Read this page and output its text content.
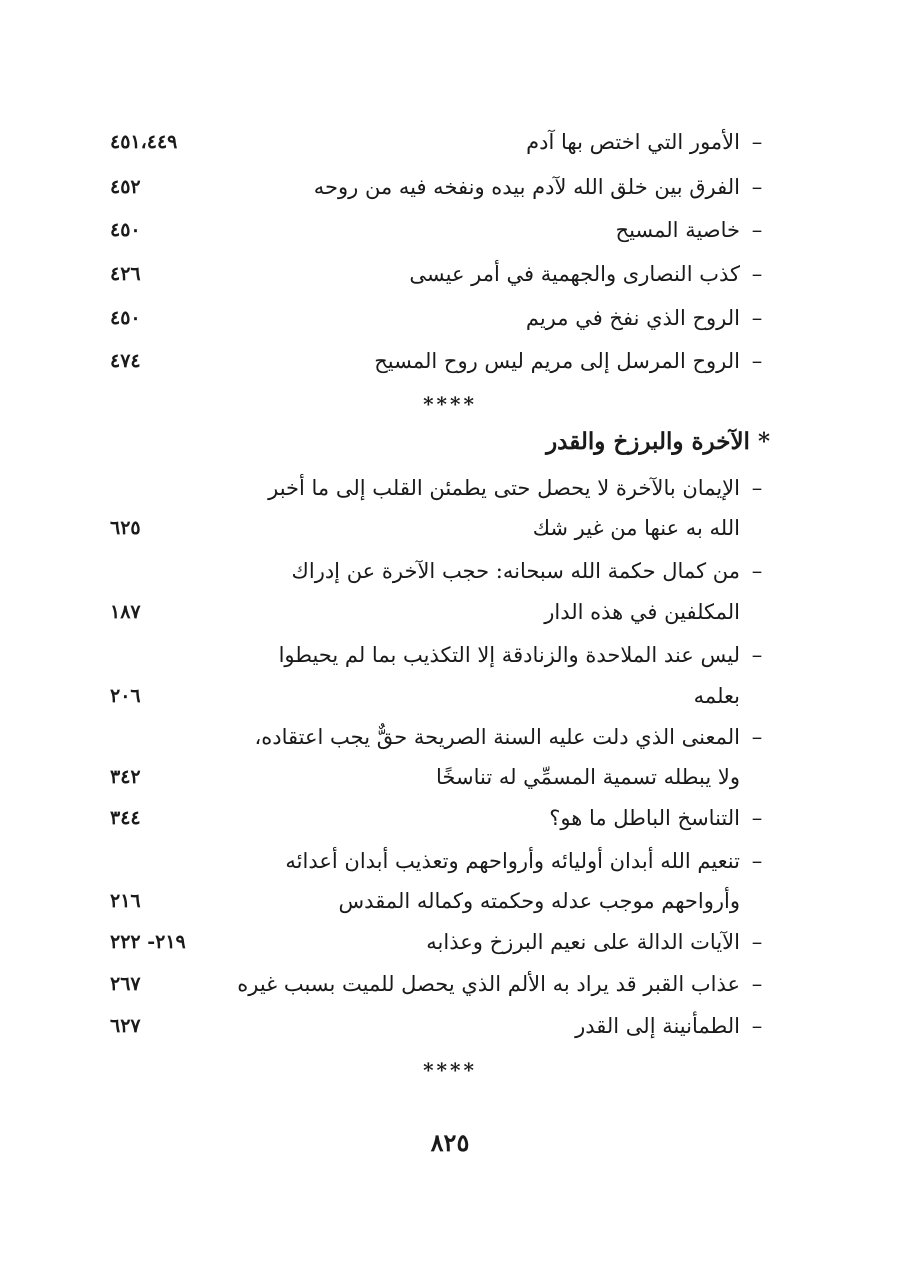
–
الأمور التي اختص بها آدم
٤٥١،٤٤٩
–
الفرق بين خلق الله لآدم بيده ونفخه فيه من روحه
٤٥٢
–
خاصية المسيح
٤٥٠
–
كذب النصارى والجهمية في أمر عيسى
٤٢٦
–
الروح الذي نفخ في مريم
٤٥٠
–
الروح المرسل إلى مريم ليس روح المسيح
٤٧٤
****
* الآخرة والبرزخ والقدر
–
الإيمان بالآخرة لا يحصل حتى يطمئن القلب إلى ما أخبر
الله به عنها من غير شك
٦٢٥
–
من كمال حكمة الله سبحانه: حجب الآخرة عن إدراك
المكلفين في هذه الدار
١٨٧
–
ليس عند الملاحدة والزنادقة إلا التكذيب بما لم يحيطوا
بعلمه
٢٠٦
–
المعنى الذي دلت عليه السنة الصريحة حقٌّ يجب اعتقاده،
ولا يبطله تسمية المسمِّي له تناسخًا
٣٤٢
–
التناسخ الباطل ما هو؟
٣٤٤
–
تنعيم الله أبدان أوليائه وأرواحهم وتعذيب أبدان أعدائه
وأرواحهم موجب عدله وحكمته وكماله المقدس
٢١٦
–
الآيات الدالة على نعيم البرزخ وعذابه
٢١٩- ٢٢٢
–
عذاب القبر قد يراد به الألم الذي يحصل للميت بسبب غيره
٢٦٧
–
الطمأنينة إلى القدر
٦٢٧
****
٨٢٥
